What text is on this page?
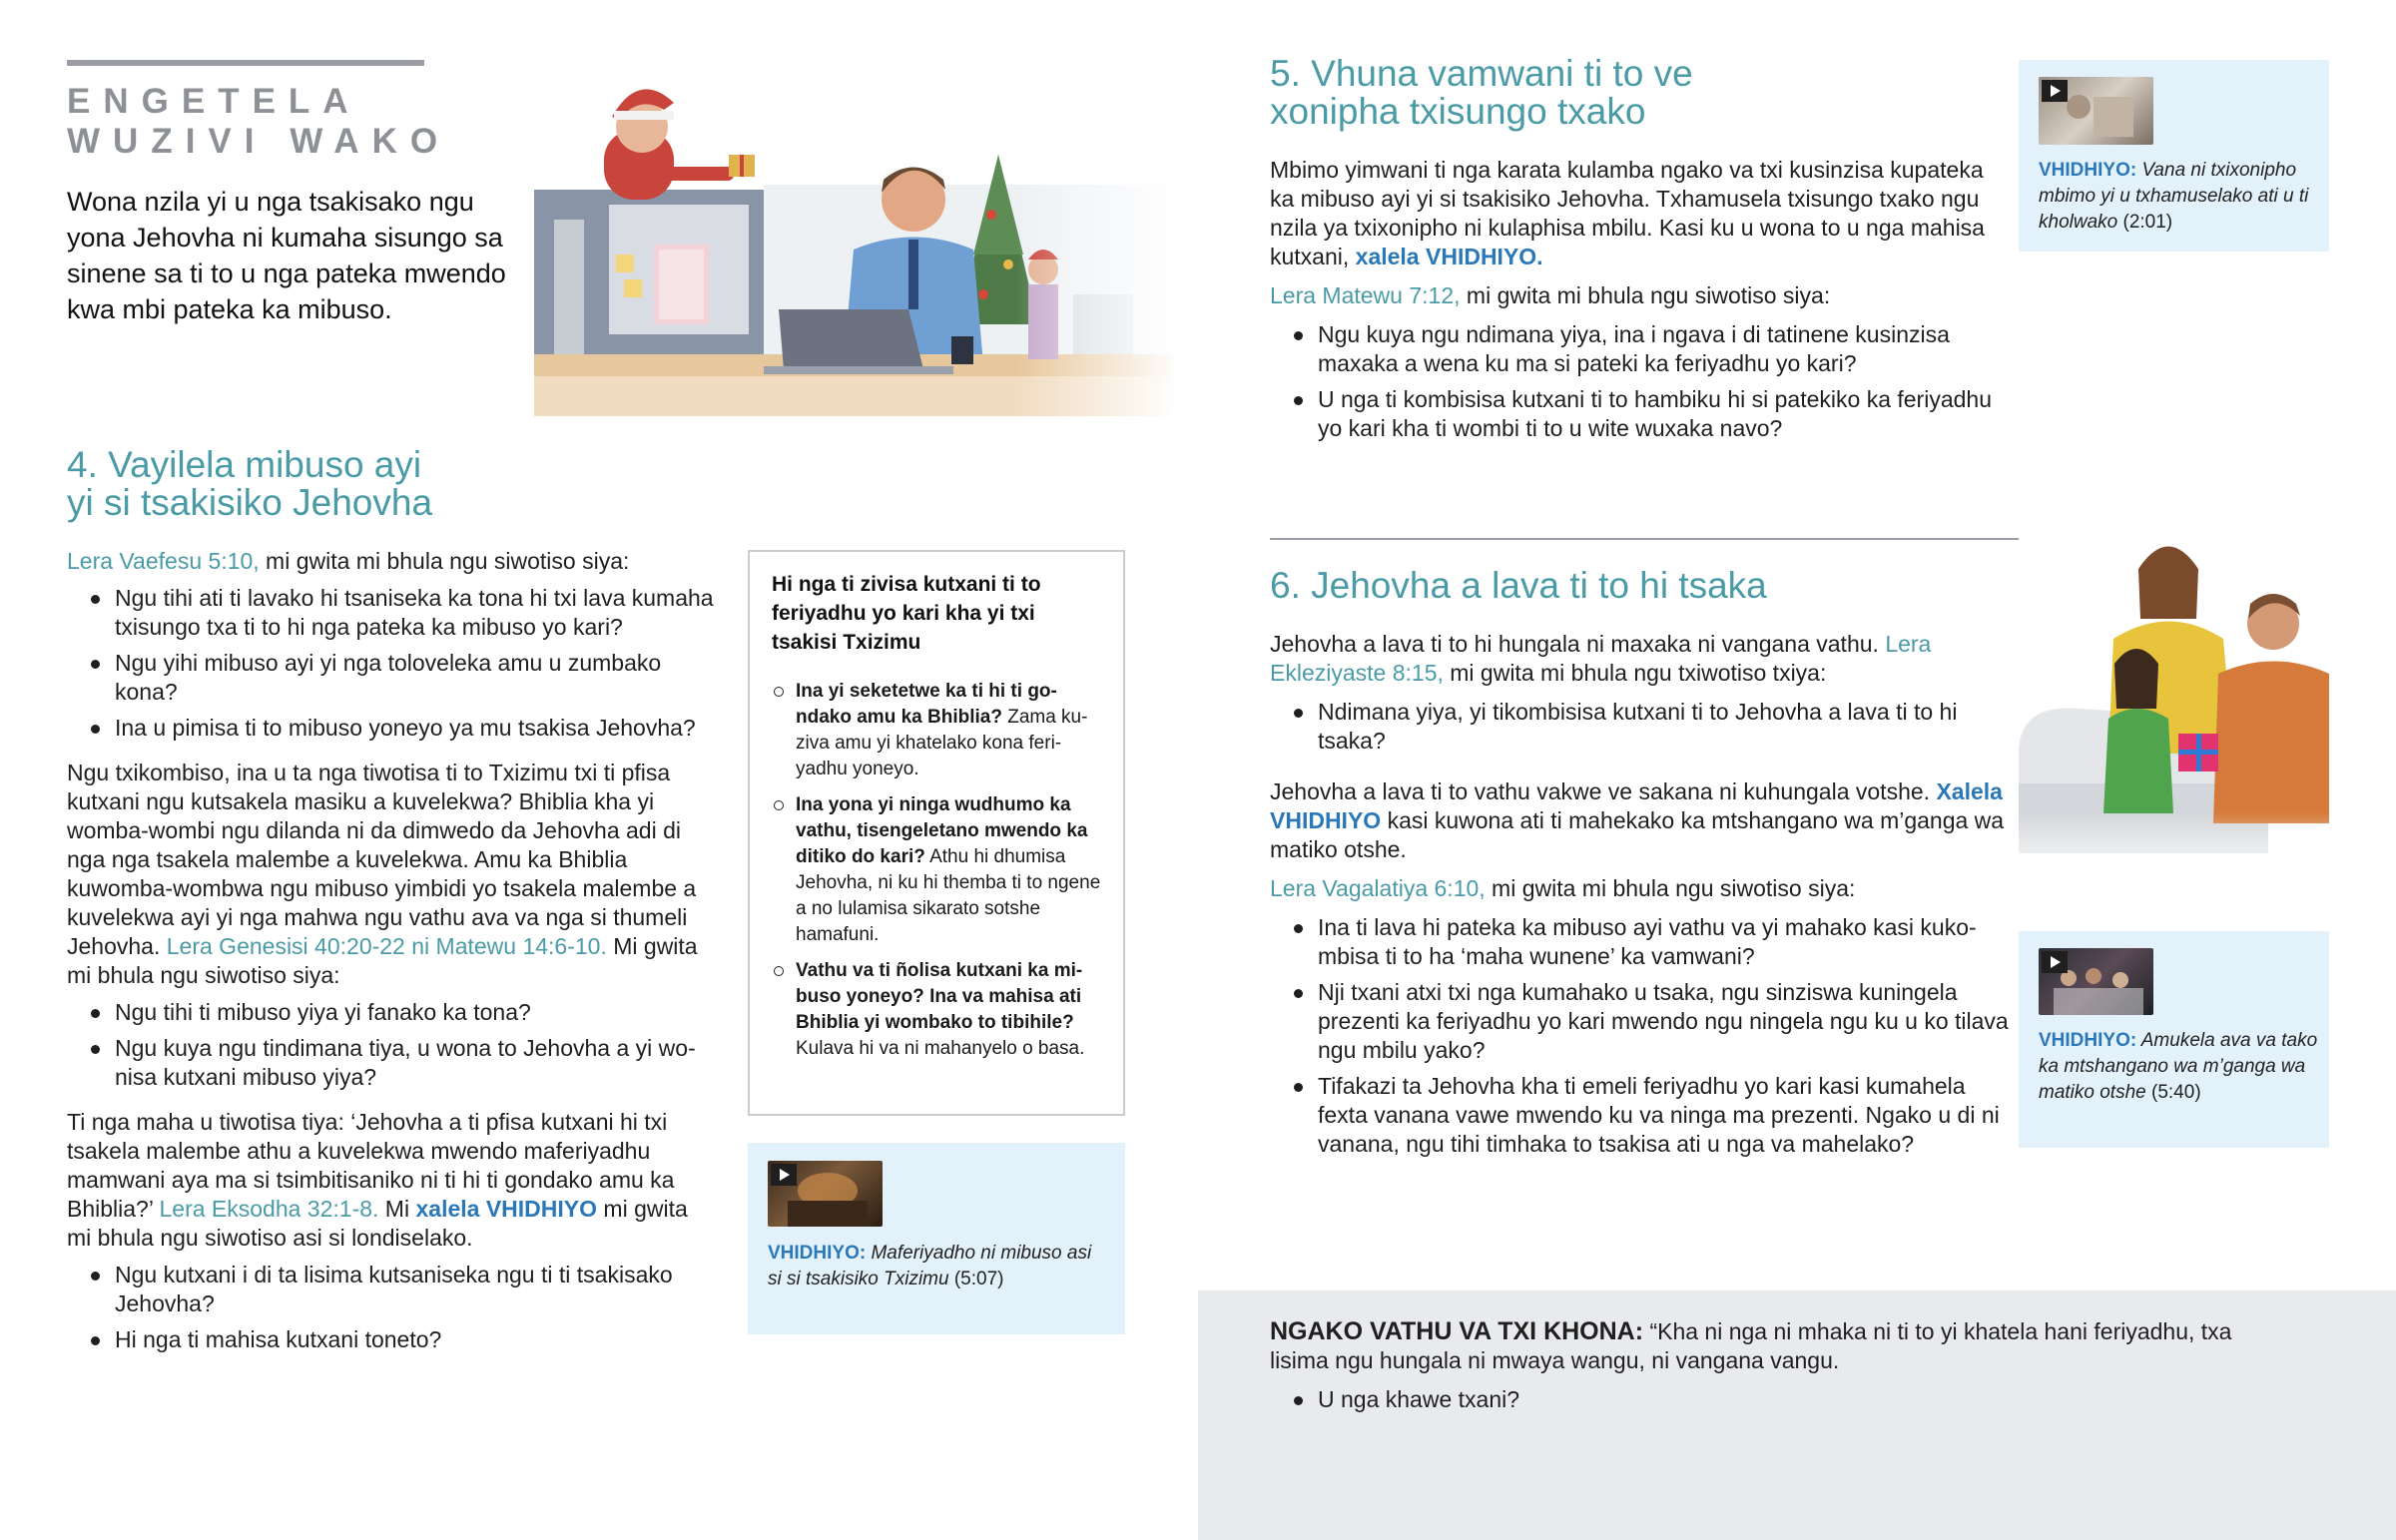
ENGETELA
WUZIVI WAKO
Wona nzila yi u nga tsakisako ngu yona Jehovha ni kumaha sisungo sa sinene sa ti to u nga pateka mwendo kwa mbi pateka ka mibuso.
4. Vayilela mibuso ayi
yi si tsakisiko Jehovha

Lera Vaefesu 5:10, mi gwita mi bhula ngu siwotiso siya:

Ngu tihi ati ti lavako hi tsaniseka ka tona hi txi lava kumaha txisungo txa ti to hi nga pateka ka mibuso yo kari?
Ngu yihi mibuso ayi yi nga toloveleka amu u zumbako kona?
Ina u pimisa ti to mibuso yoneyo ya mu tsakisa Jehovha?

Ngu txikombiso, ina u ta nga tiwotisa ti to Txizimu txi ti pfisa kutxani ngu kutsakela masiku a kuvelekwa? Bhiblia kha yi womba-wombi ngu dilanda ni da dimwedo da Jehovha adi di nga nga tsakela malembe a kuvelekwa. Amu ka Bhiblia kuwomba-wombwa ngu mibuso yimbidi yo tsakela malembe a kuvelekwa ayi yi nga mahwa ngu vathu ava va nga si thumeli Jehovha. Lera Genesisi 40:20-22 ni Matewu 14:6-10. Mi gwita mi bhula ngu siwotiso siya:

Ngu tihi ti mibuso yiya yi fanako ka tona?
Ngu kuya ngu tindimana tiya, u wona to Jehovha a yi wonisa kutxani mibuso yiya?

Ti nga maha u tiwotisa tiya: ‘Jehovha a ti pfisa kutxani hi txi tsakela malembe athu a kuvelekwa mwendo maferiyadhu mamwani aya ma si tsimbitisaniko ni ti hi ti gondako amu ka Bhiblia?’ Lera Eksodha 32:1-8. Mi xalela VHIDHIYO mi gwita mi bhula ngu siwotiso asi si londiselako.

Ngu kutxani i di ta lisima kutsaniseka ngu ti ti tsakisako Jehovha?
Hi nga ti mahisa kutxani toneto?
Hi nga ti zivisa kutxani ti to feriyadhu yo kari kha yi txi tsakisi Txizimu
Ina yi seketetwe ka ti hi ti gondako amu ka Bhiblia? Zama kuziva amu yi khatelako kona feriyadhu yoneyo.
Ina yona yi ninga wudhumo ka vathu, tisengeletano mwendo ka ditiko do kari? Athu hi dhumisa Jehovha, ni ku hi themba ti to ngene a no lulamisa sikarato sotshe hamafuni.
Vathu va ti ñolisa kutxani ka mibuso yoneyo? Ina va mahisa ati Bhiblia yi wombako to tibihile? Kulava hi va ni mahanyelo o basa.
VHIDHIYO: Maferiyadho ni mibuso asi si si tsakisiko Txizimu (5:07)
5. Vhuna vamwani ti to ve
xonipha txisungo txako

Mbimo yimwani ti nga karata kulamba ngako va txi kusinzisa kupateka ka mibuso ayi yi si tsakisiko Jehovha. Txhamusela txisungo txako ngu nzila ya txixonipho ni kulaphisa mbilu. Kasi ku u wona to u nga mahisa kutxani, xalela VHIDHIYO.

Lera Matewu 7:12, mi gwita mi bhula ngu siwotiso siya:

Ngu kuya ngu ndimana yiya, ina i ngava i di tatinene kusinzisa maxaka a wena ku ma si pateki ka feriyadhu yo kari?
U nga ti kombisisa kutxani ti to hambiku hi si patekiko ka feriyadhu yo kari kha ti wombi ti to u wite wuxaka navo?
VHIDHIYO: Vana ni txixonipho mbimo yi u txhamuselako ati u ti kholwako (2:01)
6. Jehovha a lava ti to hi tsaka

Jehovha a lava ti to hi hungala ni maxaka ni vangana vathu. Lera Ekleziyaste 8:15, mi gwita mi bhula ngu txiwotiso txiya:

Ndimana yiya, yi tikombisisa kutxani ti to Jehovha a lava ti to hi tsaka?

Jehovha a lava ti to vathu vakwe ve sakana ni kuhungala votshe. Xalela VHIDHIYO kasi kuwona ati ti mahekako ka mtshangano wa m’ganga wa matiko otshe.

Lera Vagalatiya 6:10, mi gwita mi bhula ngu siwotiso siya:

Ina ti lava hi pateka ka mibuso ayi vathu va yi mahako kasi kukombisa ti to ha ‘maha wunene’ ka vamwani?
Nji txani atxi txi nga kumahako u tsaka, ngu sinziswa kuningela prezenti ka feriyadhu yo kari mwendo ngu ningela ngu ku u ko tilava ngu mbilu yako?
Tifakazi ta Jehovha kha ti emeli feriyadhu yo kari kasi kumahela fexta vanana vawe mwendo ku va ninga ma prezenti. Ngako u di ni vanana, ngu tihi timhaka to tsakisa ati u nga va mahelako?
VHIDHIYO: Amukela ava va tako ka mtshangano wa m’ganga wa matiko otshe (5:40)

NGAKO VATHU VA TXI KHONA: “Kha ni nga ni mhaka ni ti to yi khatela hani feriyadhu, txa lisima ngu hungala ni mwaya wangu, ni vangana vangu.

U nga khawe txani?
